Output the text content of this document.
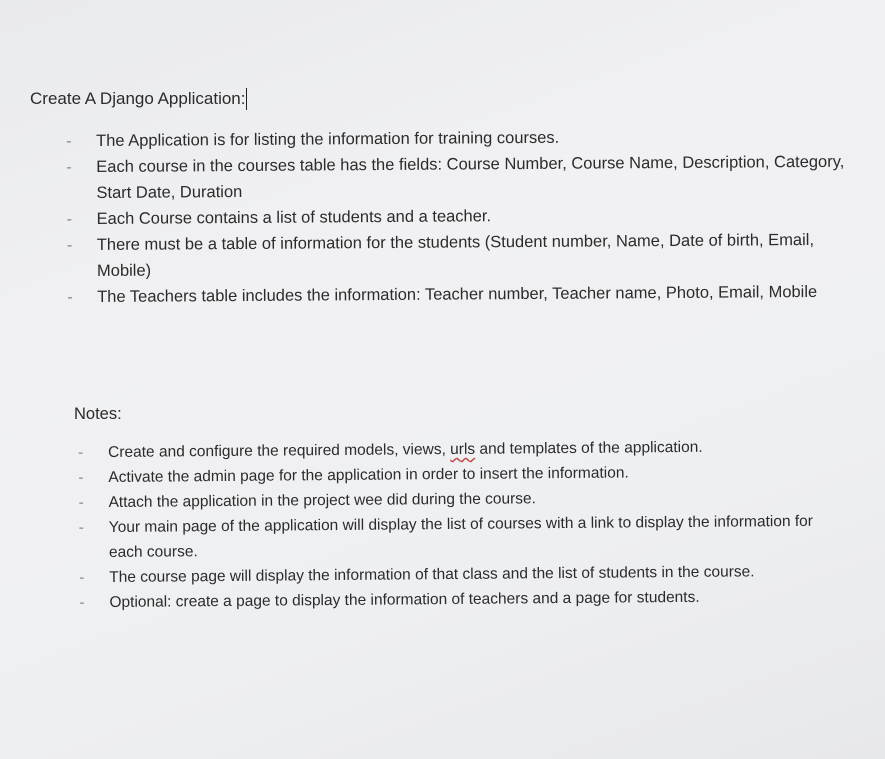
Create A Django Application:
- The Application is for listing the information for training courses.
- Each course in the courses table has the fields: Course Number, Course Name, Description, Category, Start Date, Duration
- Each Course contains a list of students and a teacher.
- There must be a table of information for the students (Student number, Name, Date of birth, Email, Mobile)
- The Teachers table includes the information: Teacher number, Teacher name, Photo, Email, Mobile
Notes:
- Create and configure the required models, views, urls and templates of the application.
- Activate the admin page for the application in order to insert the information.
- Attach the application in the project wee did during the course.
- Your main page of the application will display the list of courses with a link to display the information for each course.
- The course page will display the information of that class and the list of students in the course.
- Optional: create a page to display the information of teachers and a page for students.
